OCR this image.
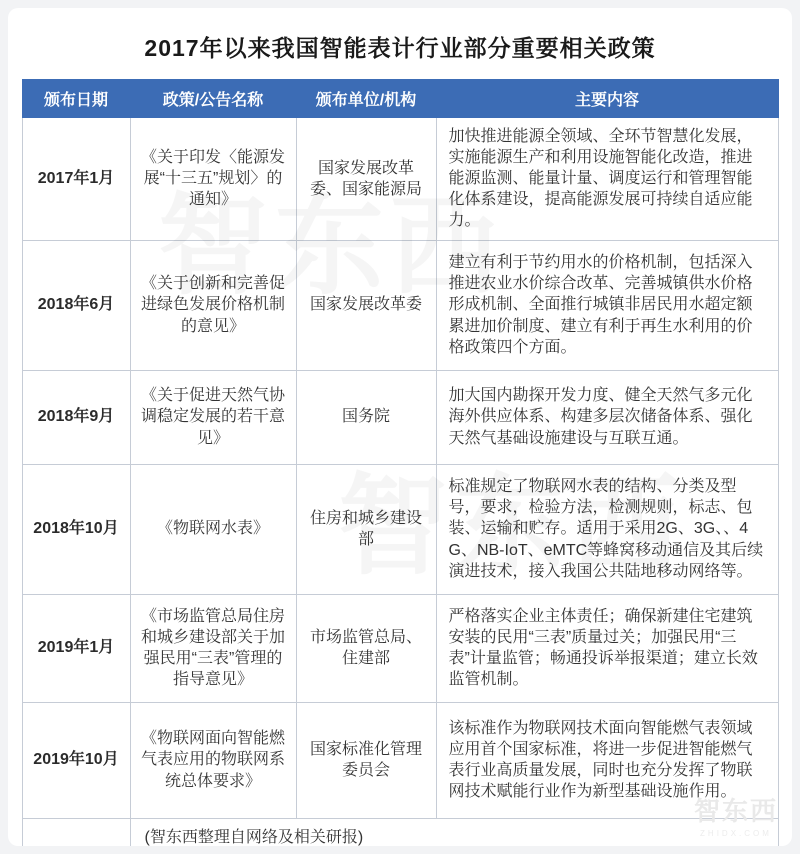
2017年以来我国智能表计行业部分重要相关政策
颁布日期	政策/公告名称	颁布单位/机构	主要内容
2017年1月	《关于印发〈能源发展“十三五”规划〉的通知》	国家发展改革委、国家能源局	加快推进能源全领域、全环节智慧化发展，实施能源生产和利用设施智能化改造，推进能源监测、能量计量、调度运行和管理智能化体系建设，提高能源发展可持续自适应能力。
2018年6月	《关于创新和完善促进绿色发展价格机制的意见》	国家发展改革委	建立有利于节约用水的价格机制，包括深入推进农业水价综合改革、完善城镇供水价格形成机制、全面推行城镇非居民用水超定额累进加价制度、建立有利于再生水利用的价格政策四个方面。
2018年9月	《关于促进天然气协调稳定发展的若干意见》	国务院	加大国内勘探开发力度、健全天然气多元化海外供应体系、构建多层次储备体系、强化天然气基础设施建设与互联互通。
2018年10月	《物联网水表》	住房和城乡建设部	标准规定了物联网水表的结构、分类及型号，要求，检验方法，检测规则，标志、包装、运输和贮存。适用于采用2G、3G、、4G、NB-IoT、eMTC等蜂窝移动通信及其后续演进技术，接入我国公共陆地移动网络等。
2019年1月	《市场监管总局住房和城乡建设部关于加强民用“三表”管理的指导意见》	市场监管总局、住建部	严格落实企业主体责任；确保新建住宅建筑安装的民用“三表”质量过关；加强民用“三表”计量监管；畅通投诉举报渠道；建立长效监管机制。
2019年10月	《物联网面向智能燃气表应用的物联网系统总体要求》	国家标准化管理委员会	该标准作为物联网技术面向智能燃气表领域应用首个国家标准，将进一步促进智能燃气表行业高质量发展，同时也充分发挥了物联网技术赋能行业作为新型基础设施作用。
	(智东西整理自网络及相关研报)		
智东西
ZHIDX.COM
